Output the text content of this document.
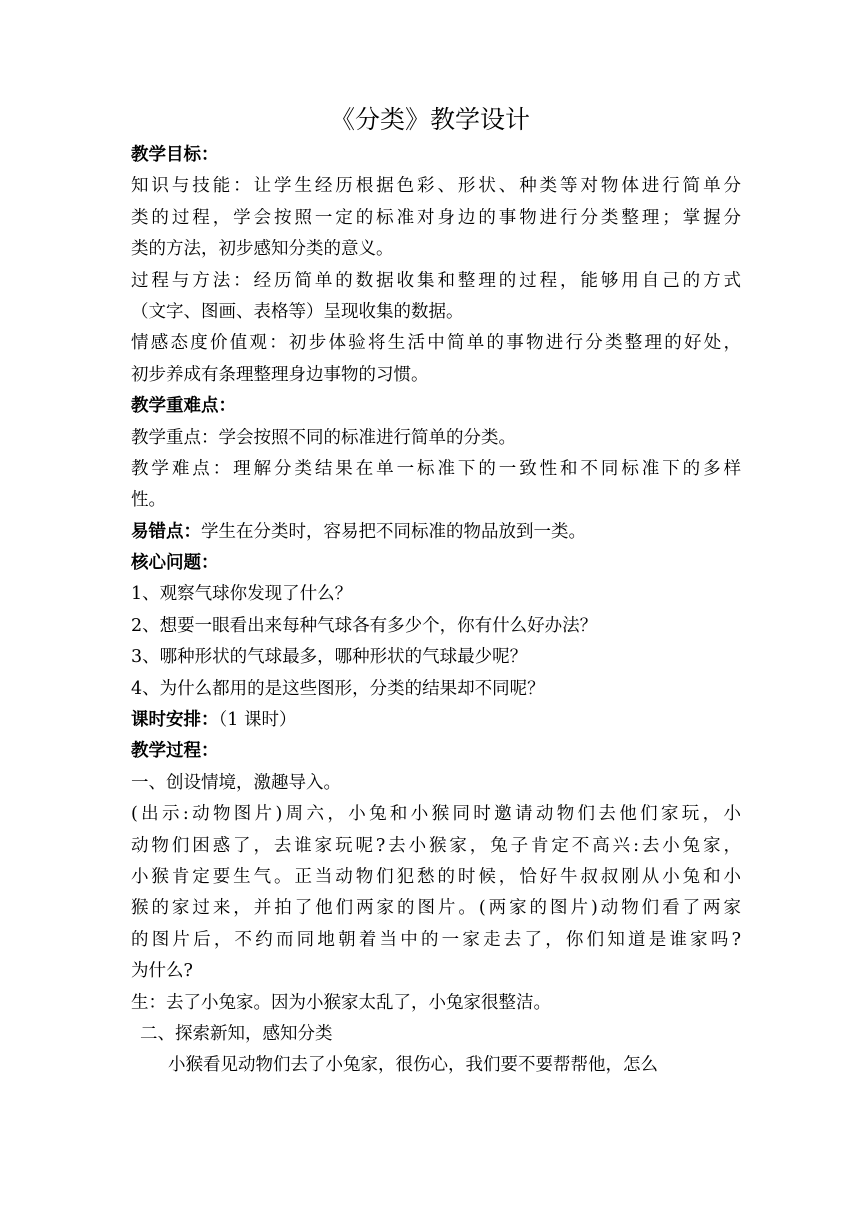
《分类》教学设计
教学目标：
知识与技能：让学生经历根据色彩、形状、种类等对物体进行简单分
类的过程，学会按照一定的标准对身边的事物进行分类整理；掌握分
类的方法，初步感知分类的意义。
过程与方法：经历简单的数据收集和整理的过程，能够用自己的方式
（文字、图画、表格等）呈现收集的数据。
情感态度价值观：初步体验将生活中简单的事物进行分类整理的好处，
初步养成有条理整理身边事物的习惯。
教学重难点：
教学重点：学会按照不同的标准进行简单的分类。
教学难点：理解分类结果在单一标准下的一致性和不同标准下的多样
性。
易错点：学生在分类时，容易把不同标准的物品放到一类。
核心问题：
1、观察气球你发现了什么？
2、想要一眼看出来每种气球各有多少个，你有什么好办法？
3、哪种形状的气球最多，哪种形状的气球最少呢？
4、为什么都用的是这些图形，分类的结果却不同呢？
课时安排：（1 课时）
教学过程：
一、创设情境，激趣导入。
(出示:动物图片)周六，小兔和小猴同时邀请动物们去他们家玩，小
动物们困惑了，去谁家玩呢?去小猴家，兔子肯定不高兴:去小兔家，
小猴肯定要生气。正当动物们犯愁的时候，恰好牛叔叔刚从小兔和小
猴的家过来，并拍了他们两家的图片。(两家的图片)动物们看了两家
的图片后，不约而同地朝着当中的一家走去了，你们知道是谁家吗?
为什么?
生：去了小兔家。因为小猴家太乱了，小兔家很整洁。
二、探索新知，感知分类
小猴看见动物们去了小兔家，很伤心，我们要不要帮帮他，怎么
